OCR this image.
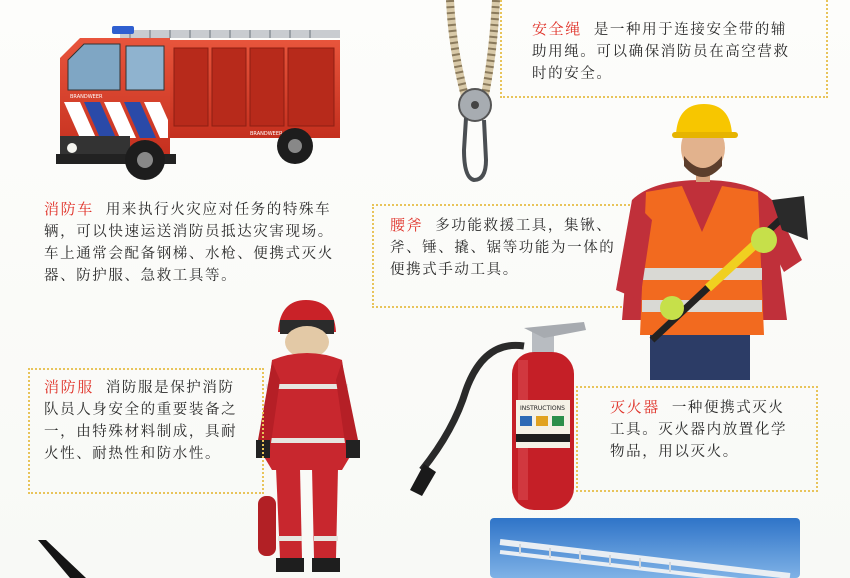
BRANDWEER
BRANDWEER
安全绳 是一种用于连接安全带的辅助用绳。可以确保消防员在高空营救时的安全。
消防车 用来执行火灾应对任务的特殊车辆，可以快速运送消防员抵达灾害现场。车上通常会配备钢梯、水枪、便携式灭火器、防护服、急救工具等。
腰斧 多功能救援工具，集锹、斧、锤、撬、锯等功能为一体的便携式手动工具。
消防服 消防服是保护消防队员人身安全的重要装备之一，由特殊材料制成，具耐火性、耐热性和防水性。
INSTRUCTIONS	灭火器 一种便携式灭火工具。灭火器内放置化学物品，用以灭火。
